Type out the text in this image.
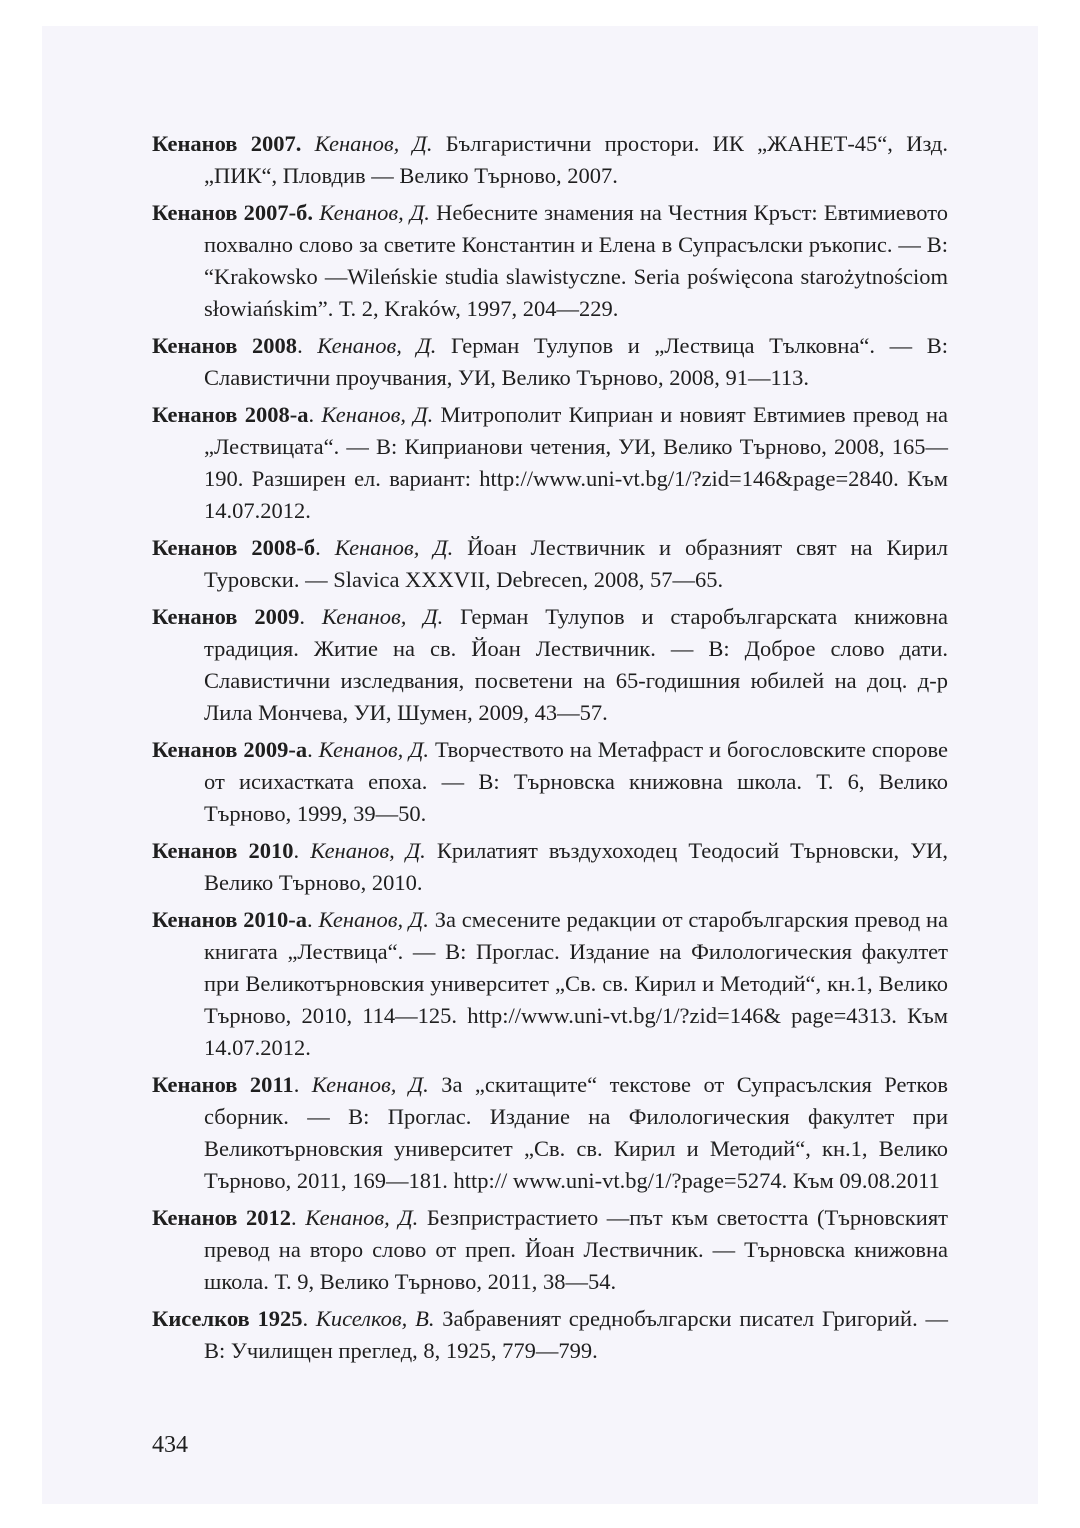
Кенанов 2007. Кенанов, Д. Българистични простори. ИК „ЖАНЕТ-45“, Изд. „ПИК“, Пловдив — Велико Търново, 2007.

Кенанов 2007-б. Кенанов, Д. Небесните знамения на Честния Кръст: Евтимиевото похвално слово за светите Константин и Елена в Супрасълски ръкопис. — В: “Krakowsko —Wileńskie studia slawistyczne. Seria poświęcona starożytnościom słowiańskim”. Т. 2, Kraków, 1997, 204—229.

Кенанов 2008. Кенанов, Д. Герман Тулупов и „Лествица Тълковна“. — В: Славистични проучвания, УИ, Велико Търново, 2008, 91—113.

Кенанов 2008-а. Кенанов, Д. Митрополит Киприан и новият Евтимиев превод на „Лествицата“. — В: Киприанови четения, УИ, Велико Търново, 2008, 165—190. Разширен ел. вариант: http://www.uni-vt.bg/1/?zid=146&page=2840. Към 14.07.2012.

Кенанов 2008-б. Кенанов, Д. Йоан Лествичник и образният свят на Кирил Туровски. — Slavica XXXVII, Debrecen, 2008, 57—65.

Кенанов 2009. Кенанов, Д. Герман Тулупов и старобългарската книжовна традиция. Житие на св. Йоан Лествичник. — В: Доброе слово дати. Славистични изследвания, посветени на 65-годишния юбилей на доц. д-р Лила Мончева, УИ, Шумен, 2009, 43—57.

Кенанов 2009-а. Кенанов, Д. Творчеството на Метафраст и богословските спорове от исихастката епоха. — В: Търновска книжовна школа. Т. 6, Велико Търново, 1999, 39—50.

Кенанов 2010. Кенанов, Д. Крилатият въздухоходец Теодосий Търновски, УИ, Велико Търново, 2010.

Кенанов 2010-а. Кенанов, Д. За смесените редакции от старобългарския превод на книгата „Лествица“. — В: Проглас. Издание на Филологическия факултет при Великотърновския университет „Св. св. Кирил и Методий“, кн.1, Велико Търново, 2010, 114—125. http://www.uni-vt.bg/1/?zid=146& page=4313. Към 14.07.2012.

Кенанов 2011. Кенанов, Д. За „скитащите“ текстове от Супрасълския Ретков сборник. — В: Проглас. Издание на Филологическия факултет при Великотърновския университет „Св. св. Кирил и Методий“, кн.1, Велико Търново, 2011, 169—181. http:// www.uni-vt.bg/1/?page=5274. Към 09.08.2011

Кенанов 2012. Кенанов, Д. Безпристрастието —път към светостта (Търновският превод на второ слово от преп. Йоан Лествичник. — Търновска книжовна школа. Т. 9, Велико Търново, 2011, 38—54.

Киселков 1925. Киселков, В. Забравеният среднобългарски писател Григорий. — В: Училищен преглед, 8, 1925, 779—799.

434
